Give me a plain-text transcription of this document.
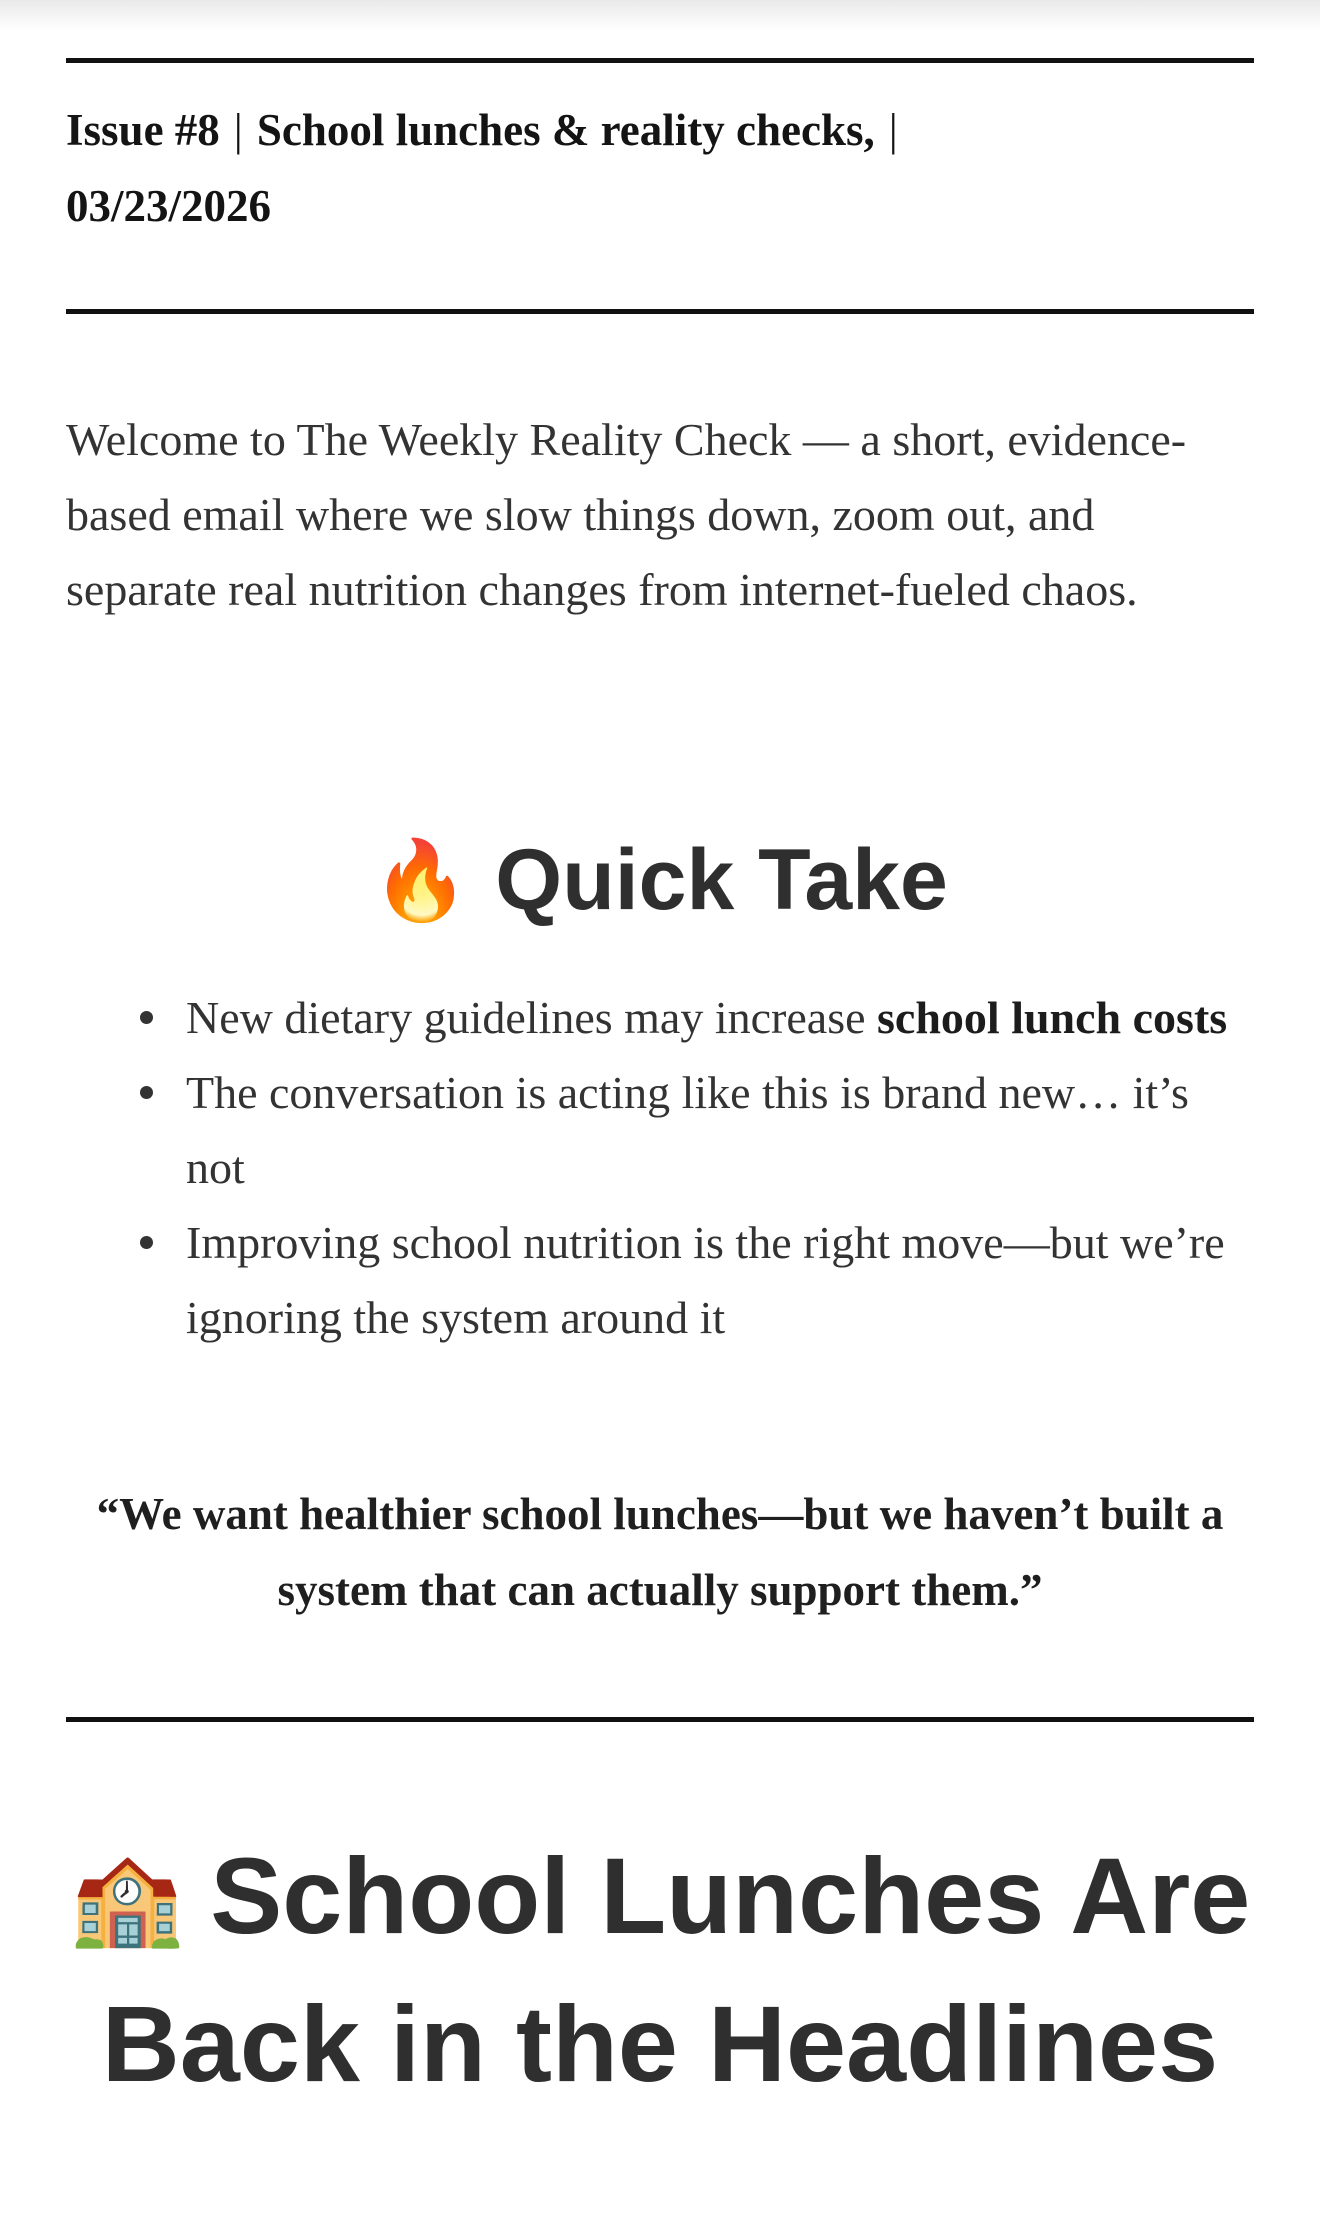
Issue #8 | School lunches & reality checks, |
03/23/2026

Welcome to The Weekly Reality Check — a short, evidence-based email where we slow things down, zoom out, and separate real nutrition changes from internet-fueled chaos.

🔥 Quick Take
New dietary guidelines may increase school lunch costs
The conversation is acting like this is brand new… it’s not
Improving school nutrition is the right move—but we’re ignoring the system around it

“We want healthier school lunches—but we haven’t built a system that can actually support them.”

🏫 School Lunches Are Back in the Headlines
